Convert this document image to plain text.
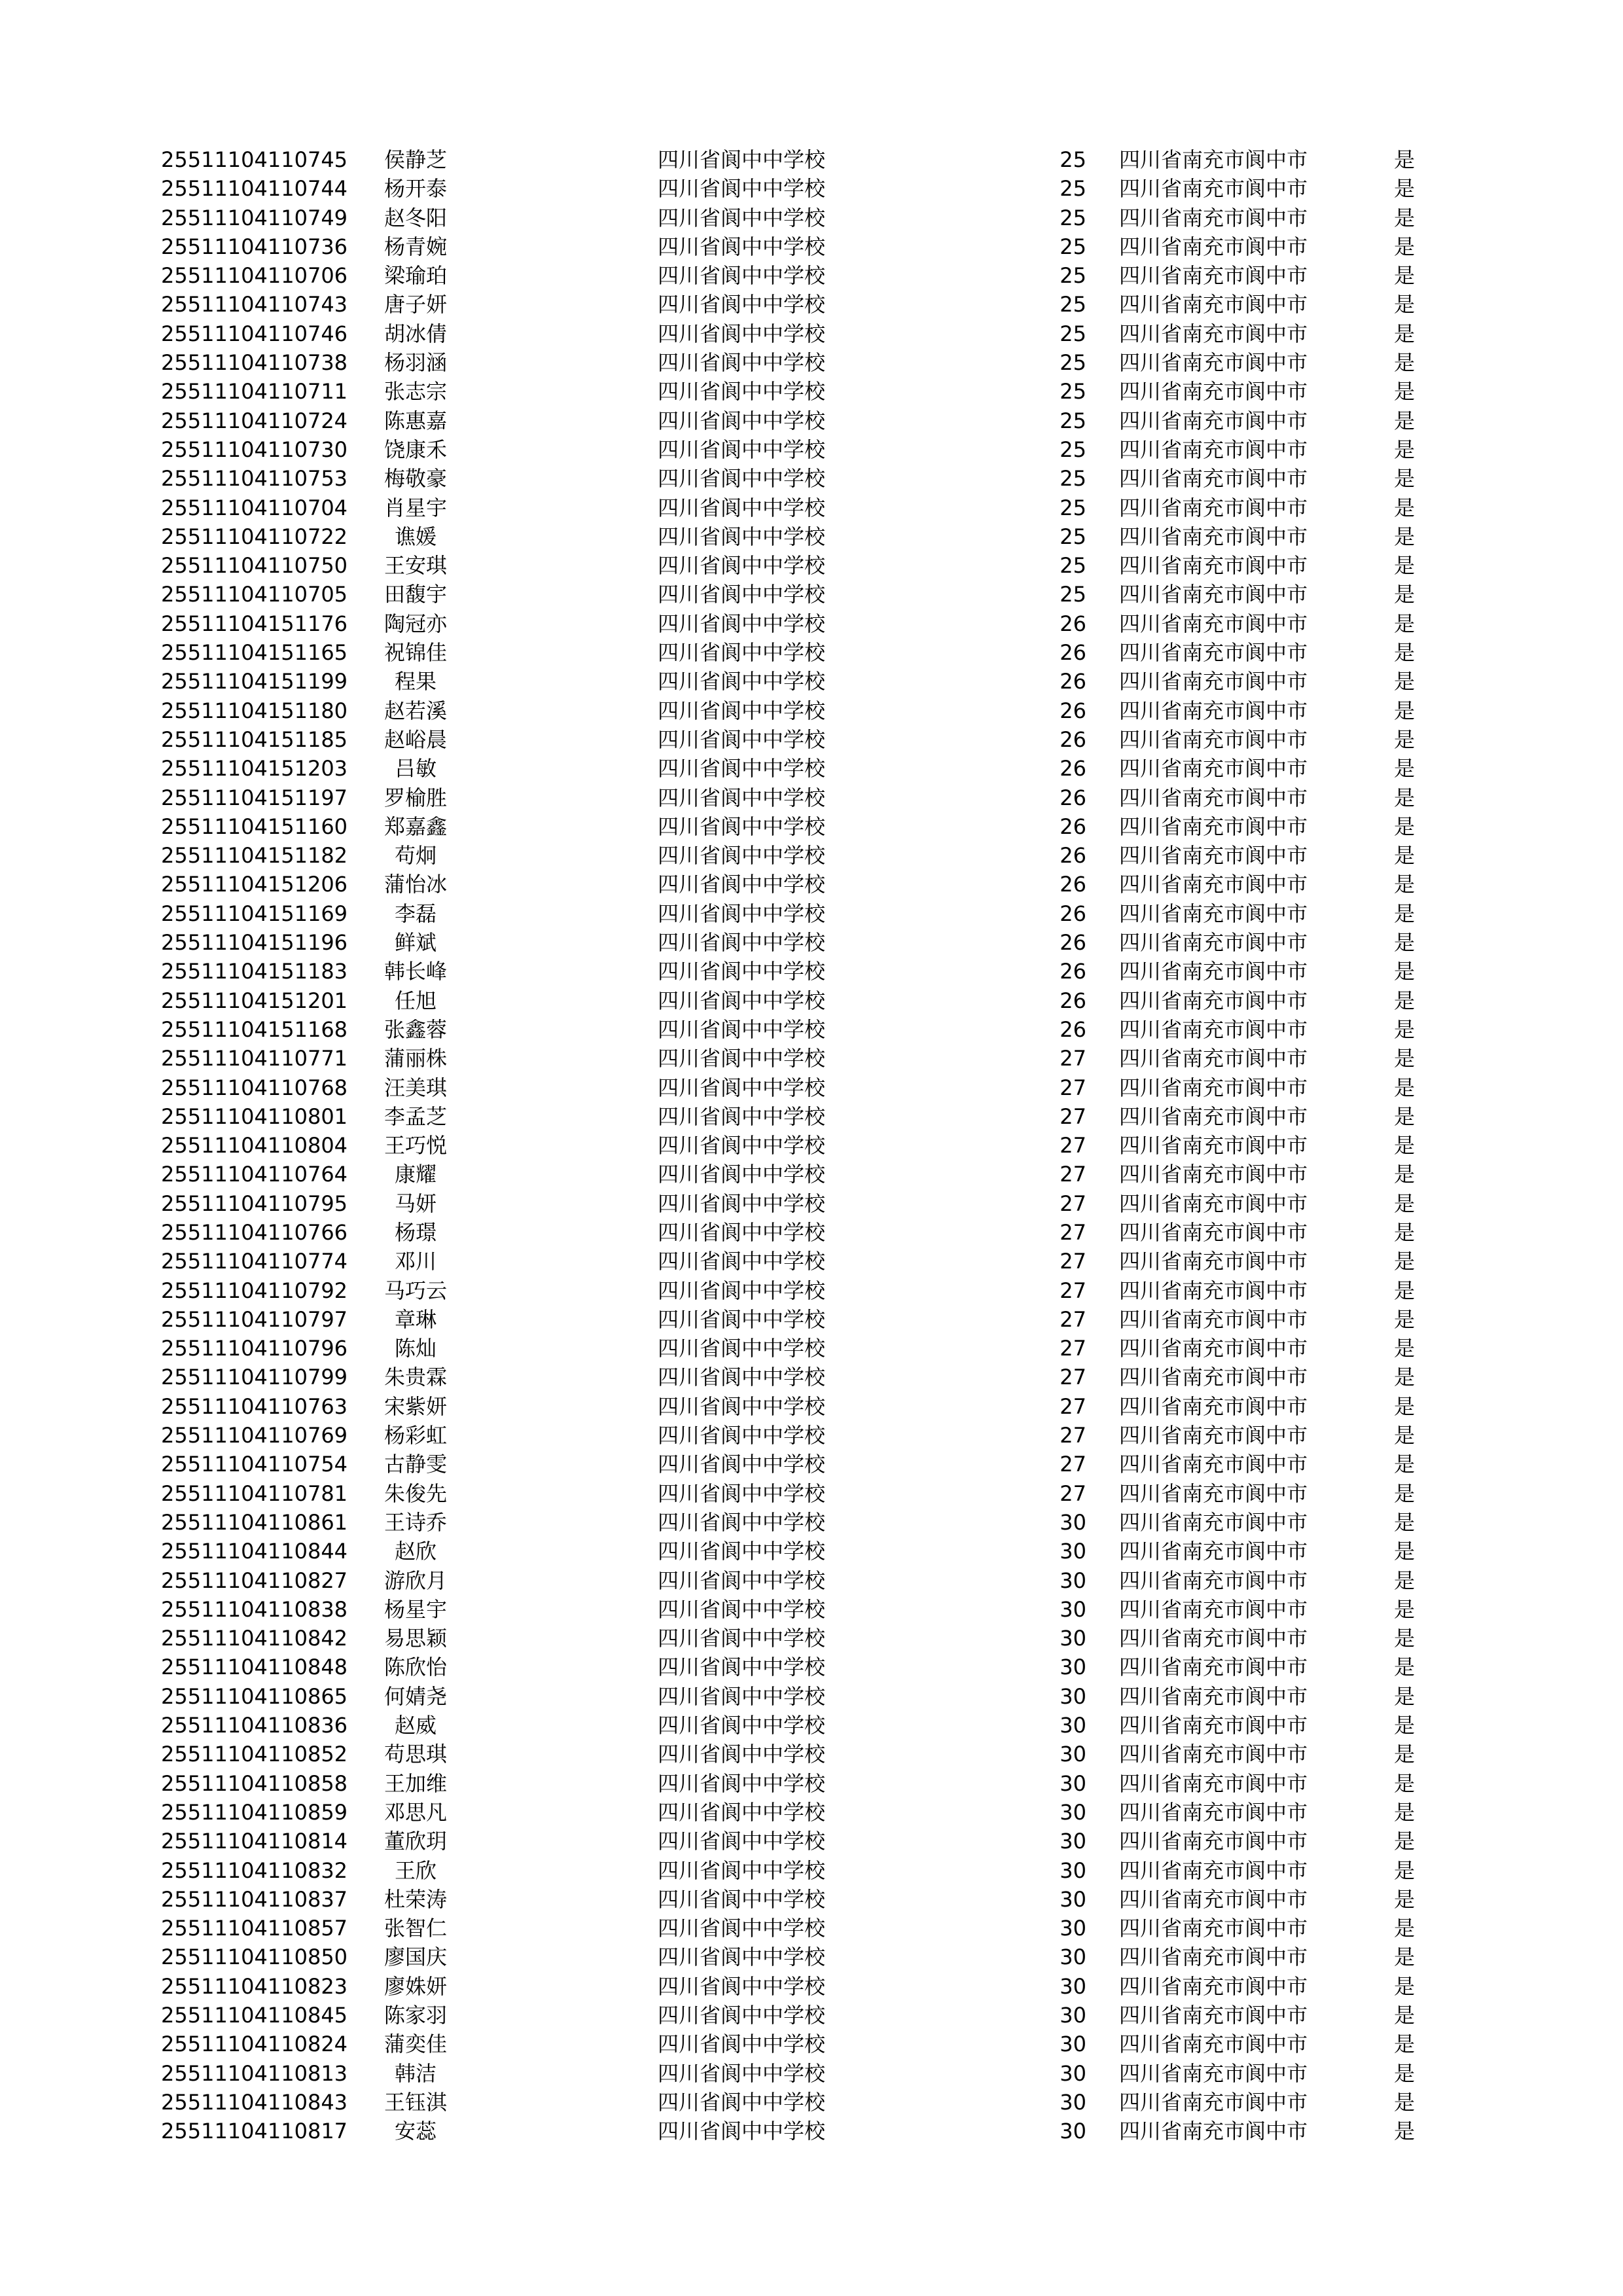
25511104110745	侯静芝	四川省阆中中学校	25 四川省南充市阆中市	是
25511104110744	杨开泰	四川省阆中中学校	25 四川省南充市阆中市	是
25511104110749	赵冬阳	四川省阆中中学校	25 四川省南充市阆中市	是
25511104110736	杨青婉	四川省阆中中学校	25 四川省南充市阆中市	是
25511104110706	梁瑜珀	四川省阆中中学校	25 四川省南充市阆中市	是
25511104110743	唐子妍	四川省阆中中学校	25 四川省南充市阆中市	是
25511104110746	胡冰倩	四川省阆中中学校	25 四川省南充市阆中市	是
25511104110738	杨羽涵	四川省阆中中学校	25 四川省南充市阆中市	是
25511104110711	张志宗	四川省阆中中学校	25 四川省南充市阆中市	是
25511104110724	陈惠嘉	四川省阆中中学校	25 四川省南充市阆中市	是
25511104110730	饶康禾	四川省阆中中学校	25 四川省南充市阆中市	是
25511104110753	梅敬豪	四川省阆中中学校	25 四川省南充市阆中市	是
25511104110704	肖星宇	四川省阆中中学校	25 四川省南充市阆中市	是
25511104110722	谯媛	四川省阆中中学校	25 四川省南充市阆中市	是
25511104110750	王安琪	四川省阆中中学校	25 四川省南充市阆中市	是
25511104110705	田馥宇	四川省阆中中学校	25 四川省南充市阆中市	是
25511104151176	陶冠亦	四川省阆中中学校	26 四川省南充市阆中市	是
25511104151165	祝锦佳	四川省阆中中学校	26 四川省南充市阆中市	是
25511104151199	程果	四川省阆中中学校	26 四川省南充市阆中市	是
25511104151180	赵若溪	四川省阆中中学校	26 四川省南充市阆中市	是
25511104151185	赵峪晨	四川省阆中中学校	26 四川省南充市阆中市	是
25511104151203	吕敏	四川省阆中中学校	26 四川省南充市阆中市	是
25511104151197	罗榆胜	四川省阆中中学校	26 四川省南充市阆中市	是
25511104151160	郑嘉鑫	四川省阆中中学校	26 四川省南充市阆中市	是
25511104151182	苟炯	四川省阆中中学校	26 四川省南充市阆中市	是
25511104151206	蒲怡冰	四川省阆中中学校	26 四川省南充市阆中市	是
25511104151169	李磊	四川省阆中中学校	26 四川省南充市阆中市	是
25511104151196	鲜斌	四川省阆中中学校	26 四川省南充市阆中市	是
25511104151183	韩长峰	四川省阆中中学校	26 四川省南充市阆中市	是
25511104151201	任旭	四川省阆中中学校	26 四川省南充市阆中市	是
25511104151168	张鑫蓉	四川省阆中中学校	26 四川省南充市阆中市	是
25511104110771	蒲丽株	四川省阆中中学校	27 四川省南充市阆中市	是
25511104110768	汪美琪	四川省阆中中学校	27 四川省南充市阆中市	是
25511104110801	李孟芝	四川省阆中中学校	27 四川省南充市阆中市	是
25511104110804	王巧悦	四川省阆中中学校	27 四川省南充市阆中市	是
25511104110764	康耀	四川省阆中中学校	27 四川省南充市阆中市	是
25511104110795	马妍	四川省阆中中学校	27 四川省南充市阆中市	是
25511104110766	杨璟	四川省阆中中学校	27 四川省南充市阆中市	是
25511104110774	邓川	四川省阆中中学校	27 四川省南充市阆中市	是
25511104110792	马巧云	四川省阆中中学校	27 四川省南充市阆中市	是
25511104110797	章琳	四川省阆中中学校	27 四川省南充市阆中市	是
25511104110796	陈灿	四川省阆中中学校	27 四川省南充市阆中市	是
25511104110799	朱贵霖	四川省阆中中学校	27 四川省南充市阆中市	是
25511104110763	宋紫妍	四川省阆中中学校	27 四川省南充市阆中市	是
25511104110769	杨彩虹	四川省阆中中学校	27 四川省南充市阆中市	是
25511104110754	古静雯	四川省阆中中学校	27 四川省南充市阆中市	是
25511104110781	朱俊先	四川省阆中中学校	27 四川省南充市阆中市	是
25511104110861	王诗乔	四川省阆中中学校	30 四川省南充市阆中市	是
25511104110844	赵欣	四川省阆中中学校	30 四川省南充市阆中市	是
25511104110827	游欣月	四川省阆中中学校	30 四川省南充市阆中市	是
25511104110838	杨星宇	四川省阆中中学校	30 四川省南充市阆中市	是
25511104110842	易思颖	四川省阆中中学校	30 四川省南充市阆中市	是
25511104110848	陈欣怡	四川省阆中中学校	30 四川省南充市阆中市	是
25511104110865	何婧尧	四川省阆中中学校	30 四川省南充市阆中市	是
25511104110836	赵威	四川省阆中中学校	30 四川省南充市阆中市	是
25511104110852	苟思琪	四川省阆中中学校	30 四川省南充市阆中市	是
25511104110858	王加维	四川省阆中中学校	30 四川省南充市阆中市	是
25511104110859	邓思凡	四川省阆中中学校	30 四川省南充市阆中市	是
25511104110814	董欣玥	四川省阆中中学校	30 四川省南充市阆中市	是
25511104110832	王欣	四川省阆中中学校	30 四川省南充市阆中市	是
25511104110837	杜荣涛	四川省阆中中学校	30 四川省南充市阆中市	是
25511104110857	张智仁	四川省阆中中学校	30 四川省南充市阆中市	是
25511104110850	廖国庆	四川省阆中中学校	30 四川省南充市阆中市	是
25511104110823	廖姝妍	四川省阆中中学校	30 四川省南充市阆中市	是
25511104110845	陈家羽	四川省阆中中学校	30 四川省南充市阆中市	是
25511104110824	蒲奕佳	四川省阆中中学校	30 四川省南充市阆中市	是
25511104110813	韩洁	四川省阆中中学校	30 四川省南充市阆中市	是
25511104110843	王钰淇	四川省阆中中学校	30 四川省南充市阆中市	是
25511104110817	安蕊	四川省阆中中学校	30 四川省南充市阆中市	是
